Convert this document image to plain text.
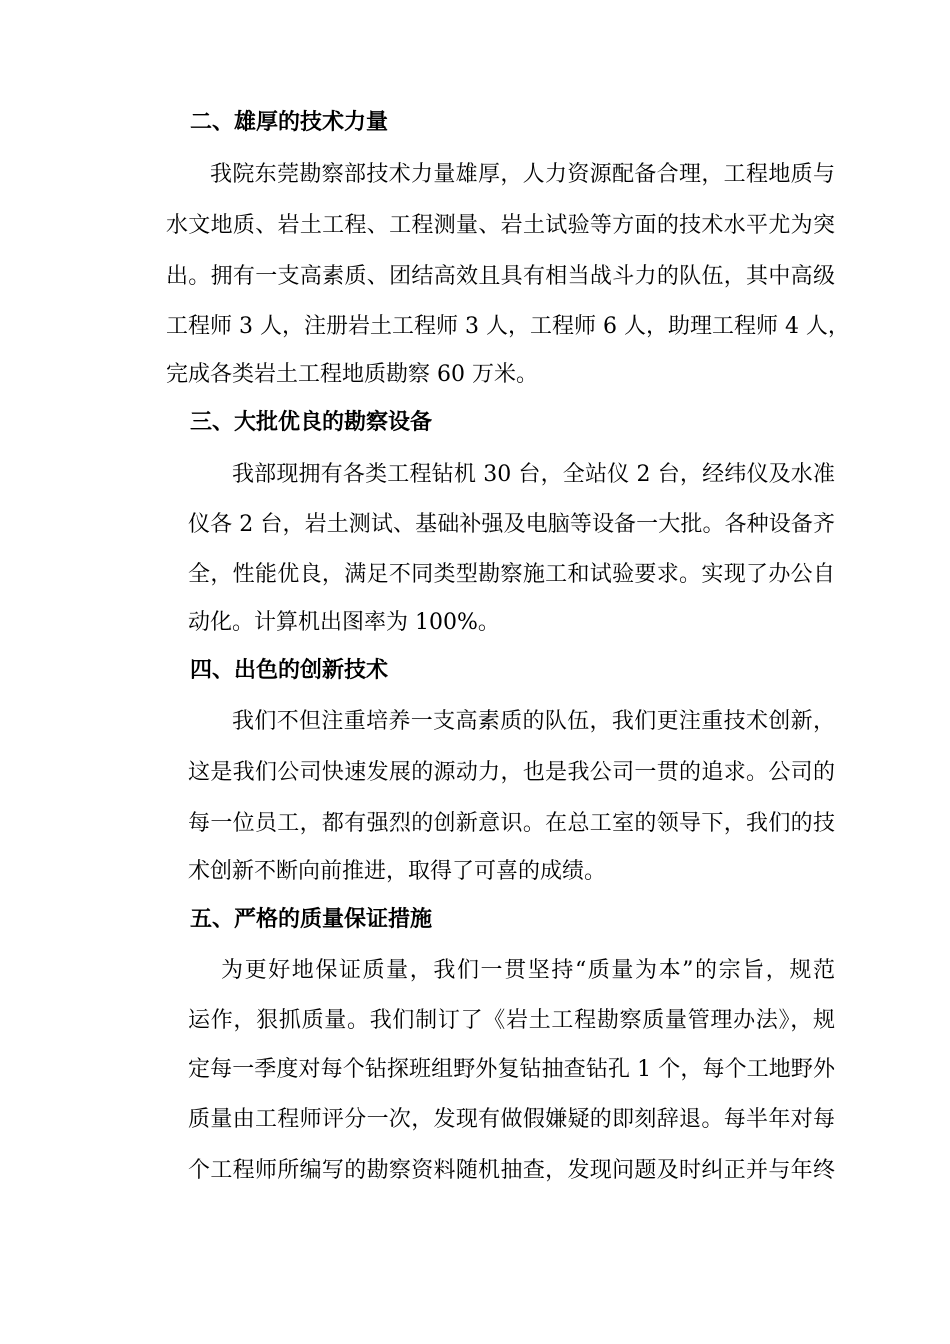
二、雄厚的技术力量
我院东莞勘察部技术力量雄厚，人力资源配备合理，工程地质与
水文地质、岩土工程、工程测量、岩土试验等方面的技术水平尤为突
出。拥有一支高素质、团结高效且具有相当战斗力的队伍，其中高级
工程师 3 人，注册岩土工程师 3 人，工程师 6 人，助理工程师 4 人，
完成各类岩土工程地质勘察 60 万米。
三、大批优良的勘察设备
我部现拥有各类工程钻机 30 台，全站仪 2 台，经纬仪及水准
仪各 2 台，岩土测试、基础补强及电脑等设备一大批。各种设备齐
全，性能优良，满足不同类型勘察施工和试验要求。实现了办公自
动化。计算机出图率为 100%。
四、出色的创新技术
我们不但注重培养一支高素质的队伍，我们更注重技术创新，
这是我们公司快速发展的源动力，也是我公司一贯的追求。公司的
每一位员工，都有强烈的创新意识。在总工室的领导下，我们的技
术创新不断向前推进，取得了可喜的成绩。
五、严格的质量保证措施
为更好地保证质量，我们一贯坚持“质量为本”的宗旨，规范
运作，狠抓质量。我们制订了《岩土工程勘察质量管理办法》，规
定每一季度对每个钻探班组野外复钻抽查钻孔 1 个，每个工地野外
质量由工程师评分一次，发现有做假嫌疑的即刻辞退。每半年对每
个工程师所编写的勘察资料随机抽查，发现问题及时纠正并与年终
